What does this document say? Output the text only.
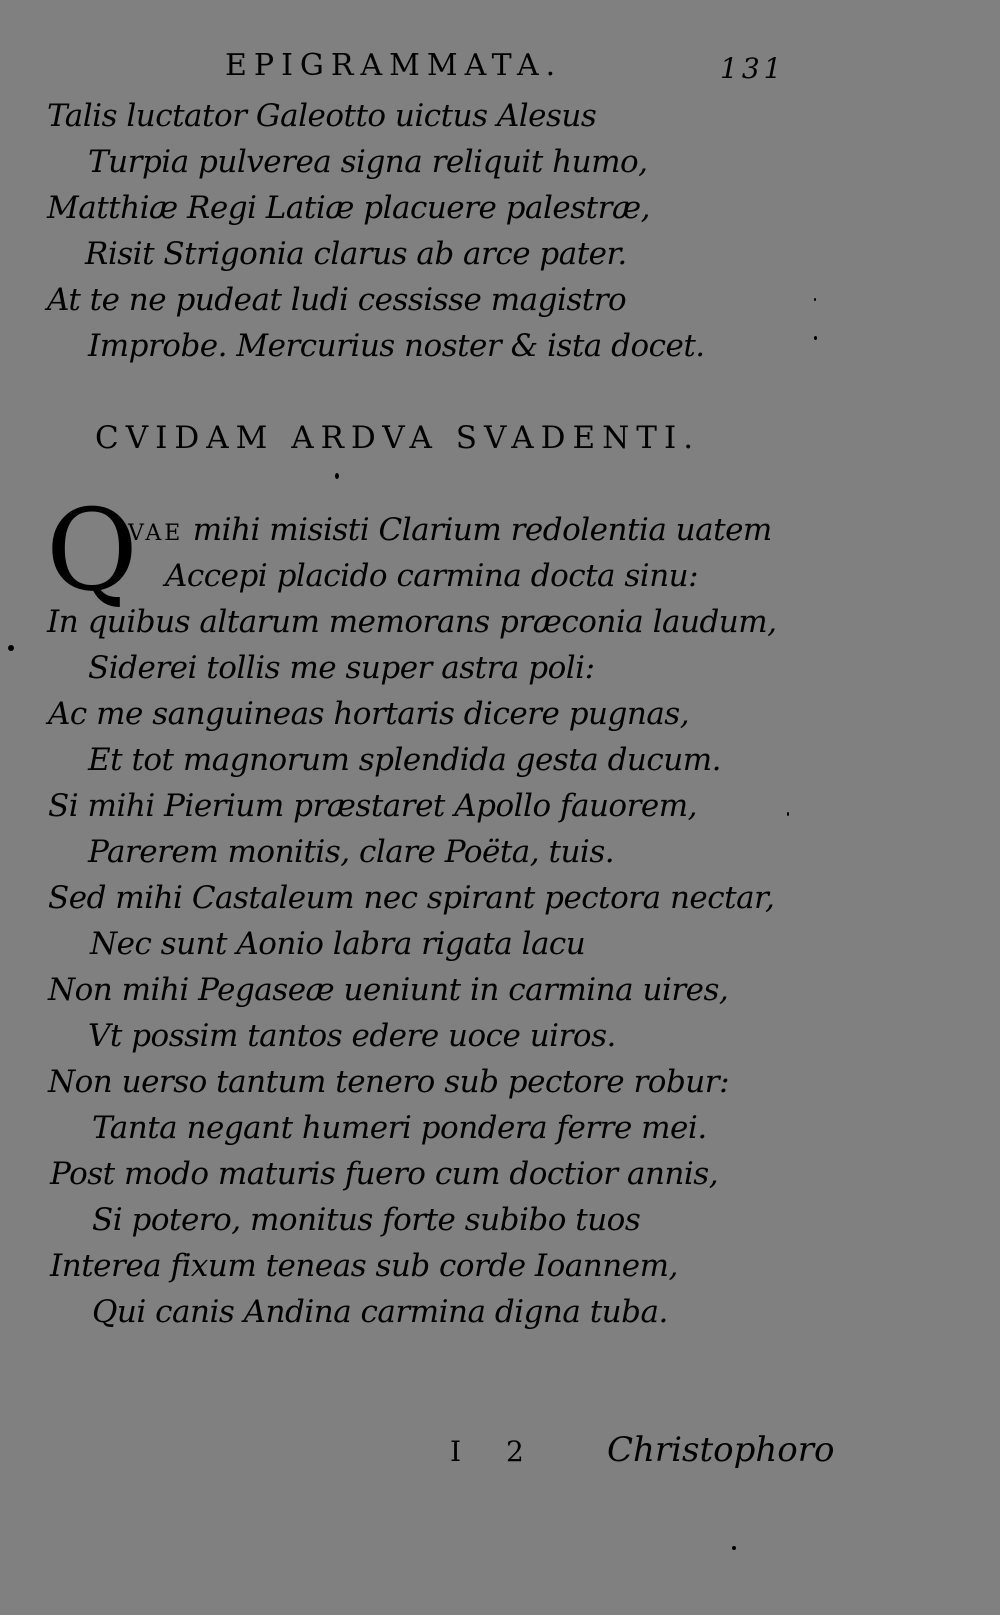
EPIGRAMMATA.	131
Talis luctator Galeotto uictus Alesus
Turpia pulverea signa reliquit humo,
Matthiæ Regi Latiæ placuere palestræ,
Risit Strigonia clarus ab arce pater.
At te ne pudeat ludi cessisse magistro
Improbe. Mercurius noster & ista docet.
CVIDAM ARDVA SVADENTI.
Q
VAE mihi misisti Clarium redolentia uatem
Accepi placido carmina docta sinu:
In quibus altarum memorans præconia laudum,
Siderei tollis me super astra poli:
Ac me sanguineas hortaris dicere pugnas,
Et tot magnorum splendida gesta ducum.
Si mihi Pierium præstaret Apollo fauorem,
Parerem monitis, clare Poëta, tuis.
Sed mihi Castaleum nec spirant pectora nectar,
Nec sunt Aonio labra rigata lacu
Non mihi Pegaseæ ueniunt in carmina uires,
Vt possim tantos edere uoce uiros.
Non uerso tantum tenero sub pectore robur:
Tanta negant humeri pondera ferre mei.
Post modo maturis fuero cum doctior annis,
Si potero, monitus forte subibo tuos
Interea fixum teneas sub corde Ioannem,
Qui canis Andina carmina digna tuba.
I 2 Christophoro
